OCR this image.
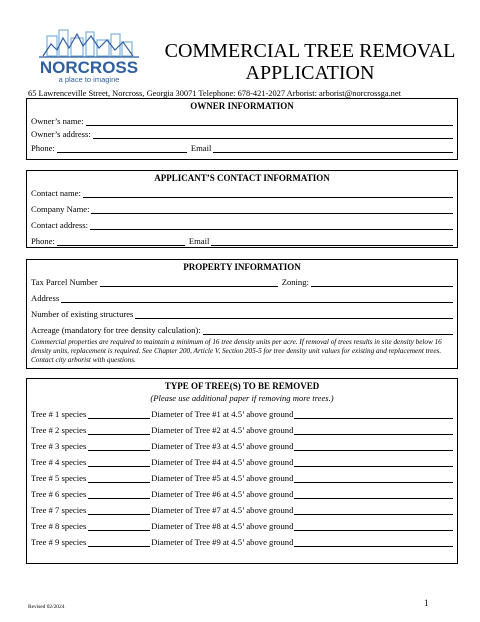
NORCROSS
a place to imagine
COMMERCIAL TREE REMOVAL
APPLICATION
65 Lawrenceville Street, Norcross, Georgia 30071 Telephone: 678-421-2027 Arborist: arborist@norcrossga.net
OWNER INFORMATION
Owner’s name:
Owner’s address:
Phone:	Email
APPLICANT’S CONTACT INFORMATION
Contact name:
Company Name:
Contact address:
Phone:	Email
PROPERTY INFORMATION
Tax Parcel Number	Zoning:
Address
Number of existing structures
Acreage (mandatory for tree density calculation):
Commercial properties are required to maintain a minimum of 16 tree density units per acre. If removal of trees results in site density below 16 density units, replacement is required. See Chapter 200, Article V, Section 205-5 for tree density unit values for existing and replacement trees. Contact city arborist with questions.
TYPE OF TREE(S) TO BE REMOVED
(Please use additional paper if removing more trees.)
Tree # 1 species	Diameter of Tree #1 at 4.5’ above ground
Tree # 2 species	Diameter of Tree #2 at 4.5’ above ground
Tree # 3 species	Diameter of Tree #3 at 4.5’ above ground
Tree # 4 species	Diameter of Tree #4 at 4.5’ above ground
Tree # 5 species	Diameter of Tree #5 at 4.5’ above ground
Tree # 6 species	Diameter of Tree #6 at 4.5’ above ground
Tree # 7 species	Diameter of Tree #7 at 4.5’ above ground
Tree # 8 species	Diameter of Tree #8 at 4.5’ above ground
Tree # 9 species	Diameter of Tree #9 at 4.5’ above ground
Revised 02/2024	1
